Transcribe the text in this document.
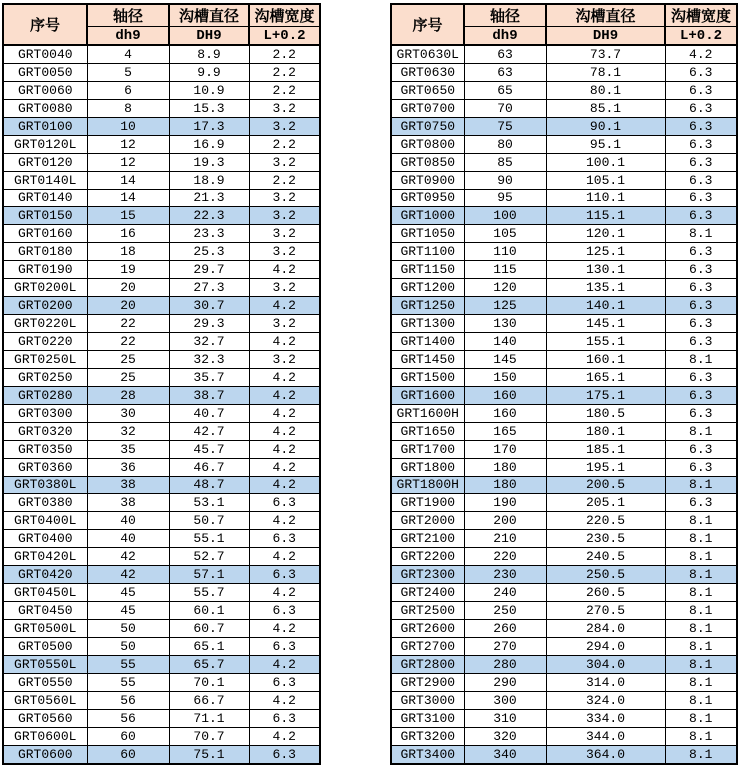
序号	轴径	沟槽直径	沟槽宽度
	dh9	DH9	L+0.2
GRT0040	4	8.9	2.2
GRT0050	5	9.9	2.2
GRT0060	6	10.9	2.2
GRT0080	8	15.3	3.2
GRT0100	10	17.3	3.2
GRT0120L	12	16.9	2.2
GRT0120	12	19.3	3.2
GRT0140L	14	18.9	2.2
GRT0140	14	21.3	3.2
GRT0150	15	22.3	3.2
GRT0160	16	23.3	3.2
GRT0180	18	25.3	3.2
GRT0190	19	29.7	4.2
GRT0200L	20	27.3	3.2
GRT0200	20	30.7	4.2
GRT0220L	22	29.3	3.2
GRT0220	22	32.7	4.2
GRT0250L	25	32.3	3.2
GRT0250	25	35.7	4.2
GRT0280	28	38.7	4.2
GRT0300	30	40.7	4.2
GRT0320	32	42.7	4.2
GRT0350	35	45.7	4.2
GRT0360	36	46.7	4.2
GRT0380L	38	48.7	4.2
GRT0380	38	53.1	6.3
GRT0400L	40	50.7	4.2
GRT0400	40	55.1	6.3
GRT0420L	42	52.7	4.2
GRT0420	42	57.1	6.3
GRT0450L	45	55.7	4.2
GRT0450	45	60.1	6.3
GRT0500L	50	60.7	4.2
GRT0500	50	65.1	6.3
GRT0550L	55	65.7	4.2
GRT0550	55	70.1	6.3
GRT0560L	56	66.7	4.2
GRT0560	56	71.1	6.3
GRT0600L	60	70.7	4.2
GRT0600	60	75.1	6.3
序号	轴径	沟槽直径	沟槽宽度
	dh9	DH9	L+0.2
GRT0630L	63	73.7	4.2
GRT0630	63	78.1	6.3
GRT0650	65	80.1	6.3
GRT0700	70	85.1	6.3
GRT0750	75	90.1	6.3
GRT0800	80	95.1	6.3
GRT0850	85	100.1	6.3
GRT0900	90	105.1	6.3
GRT0950	95	110.1	6.3
GRT1000	100	115.1	6.3
GRT1050	105	120.1	8.1
GRT1100	110	125.1	6.3
GRT1150	115	130.1	6.3
GRT1200	120	135.1	6.3
GRT1250	125	140.1	6.3
GRT1300	130	145.1	6.3
GRT1400	140	155.1	6.3
GRT1450	145	160.1	8.1
GRT1500	150	165.1	6.3
GRT1600	160	175.1	6.3
GRT1600H	160	180.5	6.3
GRT1650	165	180.1	8.1
GRT1700	170	185.1	6.3
GRT1800	180	195.1	6.3
GRT1800H	180	200.5	8.1
GRT1900	190	205.1	6.3
GRT2000	200	220.5	8.1
GRT2100	210	230.5	8.1
GRT2200	220	240.5	8.1
GRT2300	230	250.5	8.1
GRT2400	240	260.5	8.1
GRT2500	250	270.5	8.1
GRT2600	260	284.0	8.1
GRT2700	270	294.0	8.1
GRT2800	280	304.0	8.1
GRT2900	290	314.0	8.1
GRT3000	300	324.0	8.1
GRT3100	310	334.0	8.1
GRT3200	320	344.0	8.1
GRT3400	340	364.0	8.1
